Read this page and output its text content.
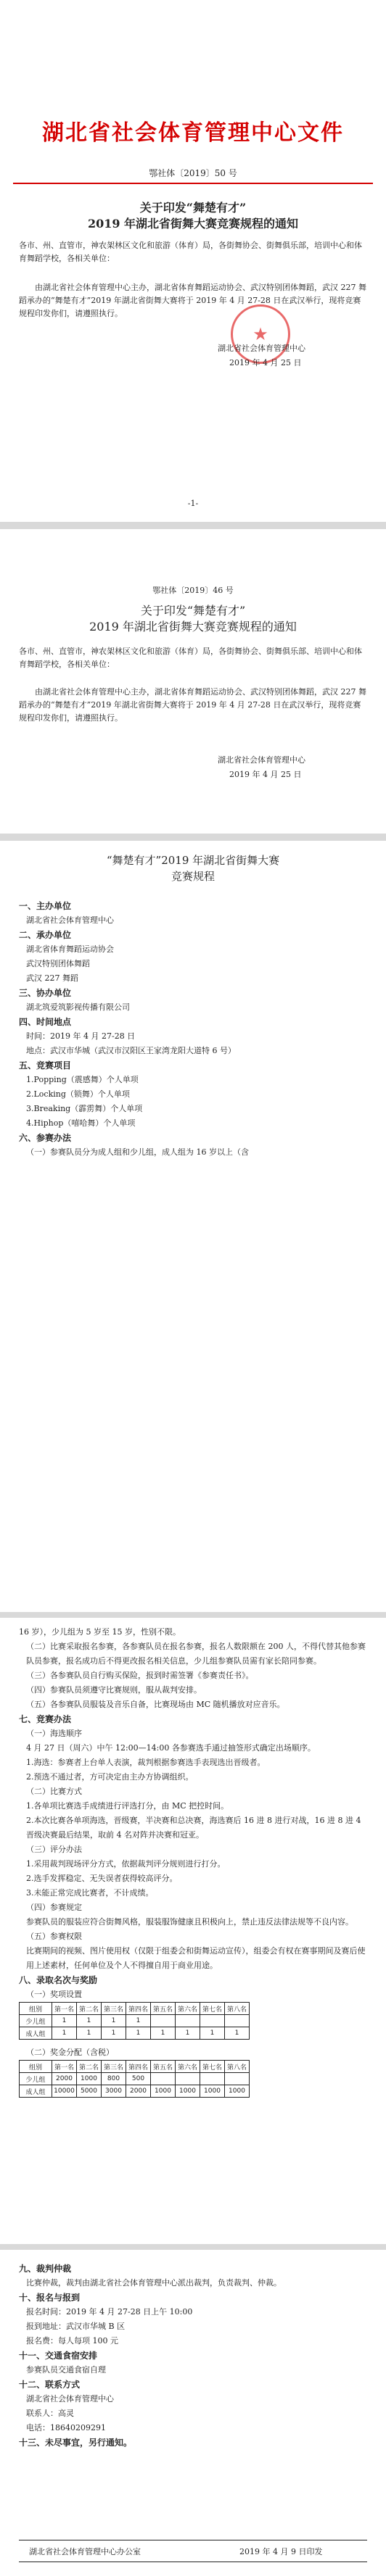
湖北省社会体育管理中心文件
鄂社体〔2019〕50 号
关于印发“舞楚有才”
2019 年湖北省街舞大赛竞赛规程的通知

各市、州、直管市，神农架林区文化和旅游（体育）局，各街舞协会、街舞俱乐部，培训中心和体育舞蹈学校，各相关单位：

由湖北省社会体育管理中心主办，湖北省体育舞蹈运动协会、武汉特别团体舞蹈，武汉 227 舞蹈承办的“舞楚有才”2019 年湖北省街舞大赛将于 2019 年 4 月 27-28 日在武汉举行，现将竞赛规程印发你们，请遵照执行。

★

湖北省社会体育管理中心

2019 年 4 月 25 日

-1-
鄂社体〔2019〕46 号
关于印发“舞楚有才”
2019 年湖北省街舞大赛竞赛规程的通知

各市、州、直管市，神农架林区文化和旅游（体育）局，各街舞协会、街舞俱乐部、培训中心和体育舞蹈学校，各相关单位：

由湖北省社会体育管理中心主办，湖北省体育舞蹈运动协会、武汉特别团体舞蹈，武汉 227 舞蹈承办的“舞楚有才”2019 年湖北省街舞大赛将于 2019 年 4 月 27-28 日在武汉举行，现将竞赛规程印发你们，请遵照执行。

湖北省社会体育管理中心

2019 年 4 月 25 日

“舞楚有才”2019 年湖北省街舞大赛
竞赛规程
一、主办单位

湖北省社会体育管理中心

二、承办单位

湖北省体育舞蹈运动协会

武汉特别团体舞蹈

武汉 227 舞蹈

三、协办单位

湖北筑爱筑影视传播有限公司

四、时间地点

时间：2019 年 4 月 27-28 日

地点：武汉市华城（武汉市汉阳区王家湾龙阳大道特 6 号）

五、竞赛项目

1.Popping（震感舞）个人单项

2.Locking（锁舞）个人单项

3.Breaking（霹雳舞）个人单项

4.Hiphop（嘻哈舞）个人单项

六、参赛办法

（一）参赛队员分为成人组和少儿组，成人组为 16 岁以上（含

16 岁），少儿组为 5 岁至 15 岁，性别不限。

（二）比赛采取报名参赛，各参赛队员在报名参赛，报名人数限额在 200 人，不得代替其他参赛队员参赛，报名成功后不得更改报名相关信息，少儿组参赛队员需有家长陪同参赛。

（三）各参赛队员自行购买保险，报到时需签署《参赛责任书》。

（四）参赛队员须遵守比赛规则，服从裁判安排。

（五）各参赛队员服装及音乐自备，比赛现场由 MC 随机播放对应音乐。

七、竞赛办法

（一）海选顺序

4 月 27 日（周六）中午 12:00—14:00 各参赛选手通过抽签形式确定出场顺序。

1.海选：参赛者上台单人表演，裁判根据参赛选手表现选出晋级者。

2.预选不通过者，方可决定由主办方协调组织。

（二）比赛方式

1.各单项比赛选手成绩进行评选打分，由 MC 把控时间。

2.本次比赛各单项海选，晋级赛，半决赛和总决赛，海选赛后 16 进 8 进行对战，16 进 8 进 4 晋级决赛最后结果，取前 4 名对阵并决赛和冠亚。

（三）评分办法

1.采用裁判现场评分方式，依据裁判评分规则进行打分。

2.选手发挥稳定、无失误者获得较高评分。

3.未能正常完成比赛者，不计成绩。

（四）参赛规定

参赛队员的服装应符合街舞风格，服装服饰健康且积极向上，禁止违反法律法规等不良内容。

（五）参赛权限

比赛期间的视频、图片使用权（仅限于组委会和街舞运动宣传），组委会有权在赛事期间及赛后使用上述素材，任何单位及个人不得擅自用于商业用途。

八、录取名次与奖励

（一）奖项设置

组别	第一名	第二名	第三名	第四名	第五名	第六名	第七名	第八名
少儿组	1	1	1	1				
成人组	1	1	1	1	1	1	1	1

（二）奖金分配（含税）

组别	第一名	第二名	第三名	第四名	第五名	第六名	第七名	第八名
少儿组	2000	1000	800	500				
成人组	10000	5000	3000	2000	1000	1000	1000	1000
九、裁判仲裁

比赛仲裁，裁判由湖北省社会体育管理中心派出裁判，负责裁判、仲裁。

十、报名与报到

报名时间：2019 年 4 月 27-28 日上午 10:00

报到地址：武汉市华城 B 区

报名费：每人每项 100 元

十一、交通食宿安排

参赛队员交通食宿自理

十二、联系方式

湖北省社会体育管理中心

联系人：高灵

电话：18640209291

十三、未尽事宜，另行通知。
湖北省社会体育管理中心办公室	2019 年 4 月 9 日印发
